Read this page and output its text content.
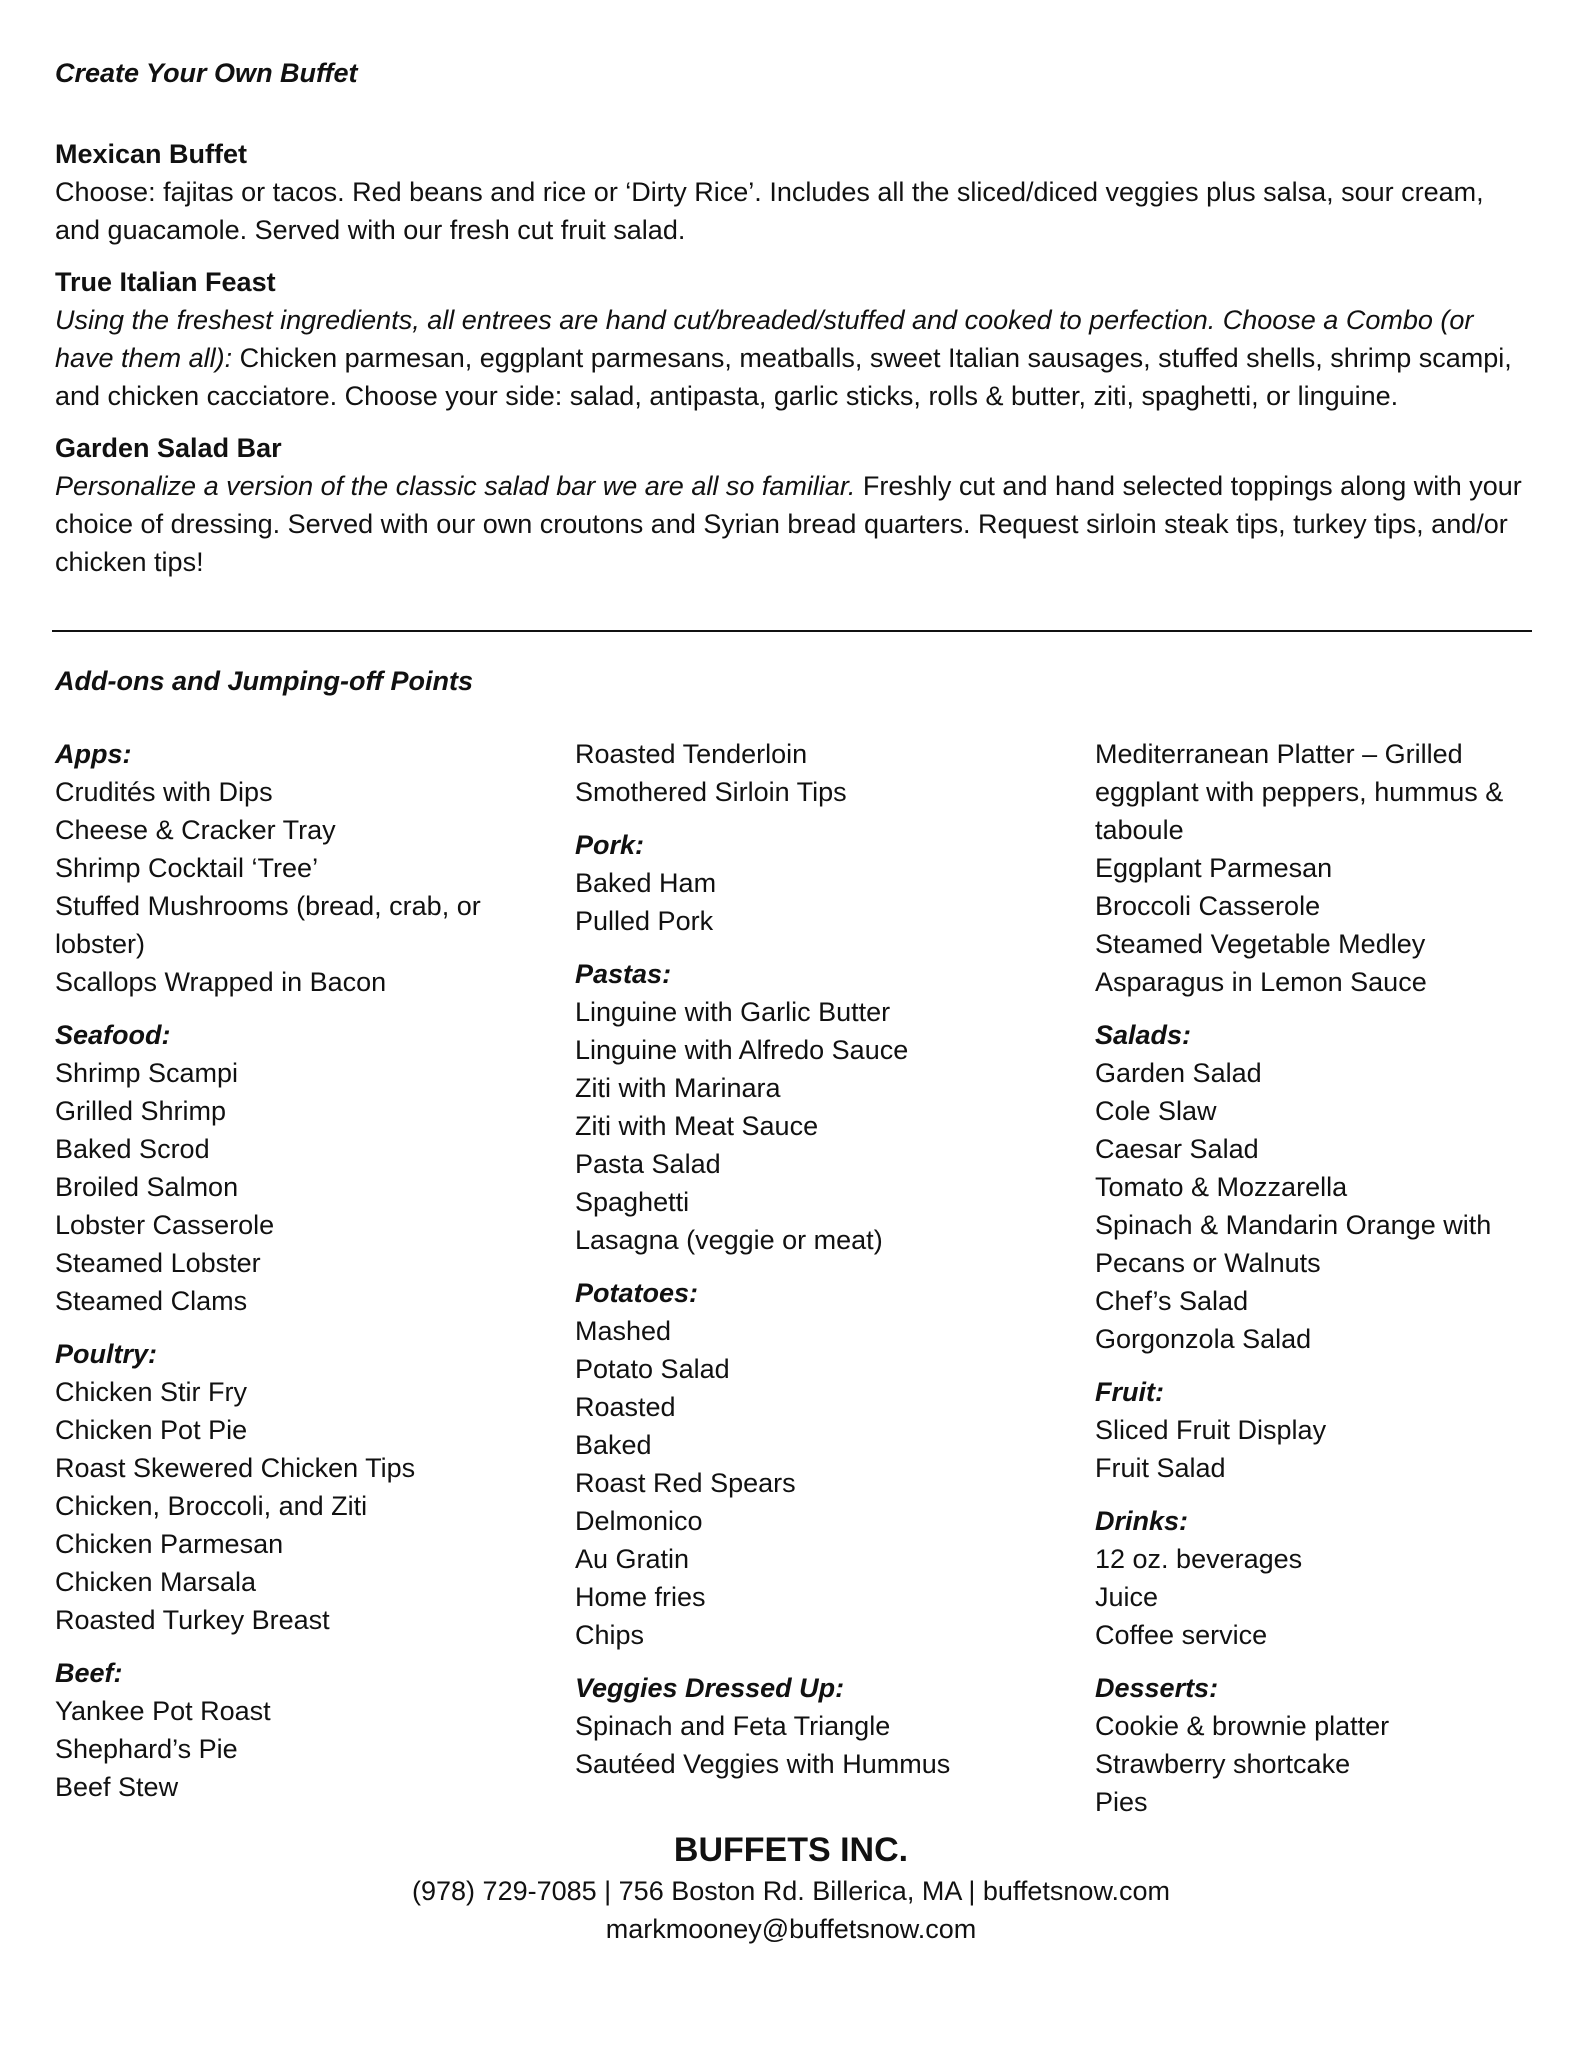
Create Your Own Buffet
Mexican Buffet
Choose: fajitas or tacos. Red beans and rice or ‘Dirty Rice’. Includes all the sliced/diced veggies plus salsa, sour cream, and guacamole. Served with our fresh cut fruit salad.
True Italian Feast
Using the freshest ingredients, all entrees are hand cut/breaded/stuffed and cooked to perfection. Choose a Combo (or have them all): Chicken parmesan, eggplant parmesans, meatballs, sweet Italian sausages, stuffed shells, shrimp scampi, and chicken cacciatore. Choose your side: salad, antipasta, garlic sticks, rolls & butter, ziti, spaghetti, or linguine.
Garden Salad Bar
Personalize a version of the classic salad bar we are all so familiar. Freshly cut and hand selected toppings along with your choice of dressing. Served with our own croutons and Syrian bread quarters. Request sirloin steak tips, turkey tips, and/or chicken tips!
Add-ons and Jumping-off Points
Apps:
Crudités with Dips
Cheese & Cracker Tray
Shrimp Cocktail ‘Tree’
Stuffed Mushrooms (bread, crab, or lobster)
Scallops Wrapped in Bacon
Seafood:
Shrimp Scampi
Grilled Shrimp
Baked Scrod
Broiled Salmon
Lobster Casserole
Steamed Lobster
Steamed Clams
Poultry:
Chicken Stir Fry
Chicken Pot Pie
Roast Skewered Chicken Tips
Chicken, Broccoli, and Ziti
Chicken Parmesan
Chicken Marsala
Roasted Turkey Breast
Beef:
Yankee Pot Roast
Shephard’s Pie
Beef Stew
Roasted Tenderloin
Smothered Sirloin Tips
Pork:
Baked Ham
Pulled Pork
Pastas:
Linguine with Garlic Butter
Linguine with Alfredo Sauce
Ziti with Marinara
Ziti with Meat Sauce
Pasta Salad
Spaghetti
Lasagna (veggie or meat)
Potatoes:
Mashed
Potato Salad
Roasted
Baked
Roast Red Spears
Delmonico
Au Gratin
Home fries
Chips
Veggies Dressed Up:
Spinach and Feta Triangle
Sautéed Veggies with Hummus
Mediterranean Platter – Grilled eggplant with peppers, hummus & taboule
Eggplant Parmesan
Broccoli Casserole
Steamed Vegetable Medley
Asparagus in Lemon Sauce
Salads:
Garden Salad
Cole Slaw
Caesar Salad
Tomato & Mozzarella
Spinach & Mandarin Orange with Pecans or Walnuts
Chef’s Salad
Gorgonzola Salad
Fruit:
Sliced Fruit Display
Fruit Salad
Drinks:
12 oz. beverages
Juice
Coffee service
Desserts:
Cookie & brownie platter
Strawberry shortcake
Pies
BUFFETS INC.
(978) 729-7085 | 756 Boston Rd. Billerica, MA | buffetsnow.com
markmooney@buffetsnow.com
